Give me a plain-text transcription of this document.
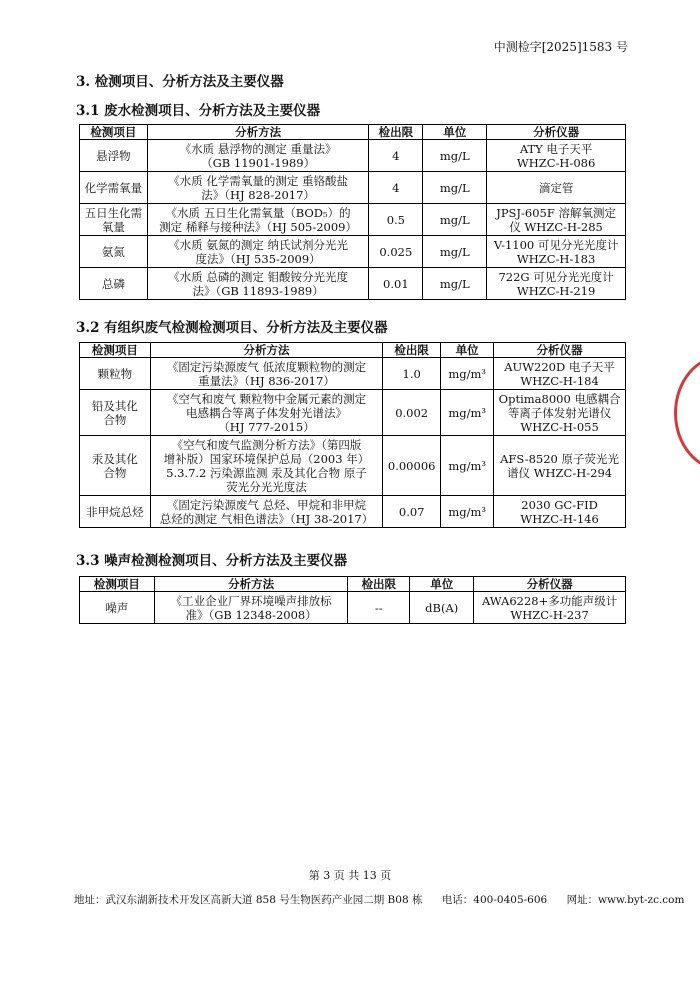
中测检字[2025]1583 号
3. 检测项目、分析方法及主要仪器
3.1 废水检测项目、分析方法及主要仪器
检测项目	分析方法	检出限	单位	分析仪器
悬浮物	《水质 悬浮物的测定 重量法》
（GB 11901-1989）	4	mg/L	ATY 电子天平
WHZC-H-086

化学需氧量	《水质 化学需氧量的测定 重铬酸盐
法》（HJ 828-2017）	4	mg/L	滴定管

五日生化需
氧量	《水质 五日生化需氧量（BOD₅）的
测定 稀释与接种法》（HJ 505-2009）	0.5	mg/L	JPSJ-605F 溶解氧测定
仪 WHZC-H-285

氨氮	《水质 氨氮的测定 纳氏试剂分光光
度法》（HJ 535-2009）	0.025	mg/L	V-1100 可见分光光度计
WHZC-H-183

总磷	《水质 总磷的测定 钼酸铵分光光度
法》（GB 11893-1989）	0.01	mg/L	722G 可见分光光度计
WHZC-H-219
3.2 有组织废气检测检测项目、分析方法及主要仪器
检测项目	分析方法	检出限	单位	分析仪器
颗粒物	《固定污染源废气 低浓度颗粒物的测定
重量法》（HJ 836-2017）	1.0	mg/m³	AUW220D 电子天平
WHZC-H-184

铅及其化
合物	《空气和废气 颗粒物中金属元素的测定
电感耦合等离子体发射光谱法》
（HJ 777-2015）	0.002	mg/m³	Optima8000 电感耦合
等离子体发射光谱仪
WHZC-H-055

汞及其化
合物	《空气和废气监测分析方法》（第四版
增补版）国家环境保护总局（2003 年）
5.3.7.2 污染源监测 汞及其化合物 原子
荧光分光光度法	0.00006	mg/m³	AFS-8520 原子荧光光
谱仪 WHZC-H-294

非甲烷总烃	《固定污染源废气 总烃、甲烷和非甲烷
总烃的测定 气相色谱法》（HJ 38-2017）	0.07	mg/m³	2030 GC-FID
WHZC-H-146
3.3 噪声检测检测项目、分析方法及主要仪器
检测项目	分析方法	检出限	单位	分析仪器
噪声	《工业企业厂界环境噪声排放标
准》（GB 12348-2008）	--	dB(A)	AWA6228+多功能声级计
WHZC-H-237
第 3 页 共 13 页
地址：武汉东湖新技术开发区高新大道 858 号生物医药产业园二期 B08 栋 电话：400-0405-606 网址：www.byt-zc.com
